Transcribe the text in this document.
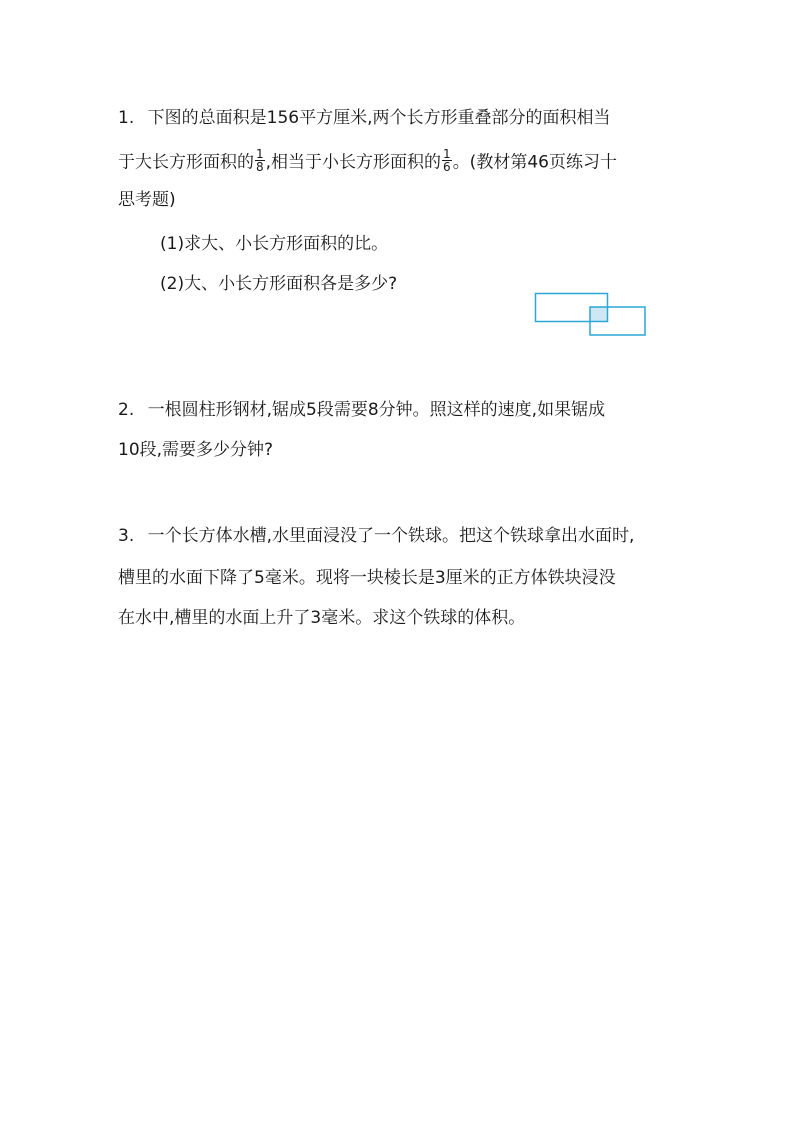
1. 下图的总面积是156平方厘米,两个长方形重叠部分的面积相当
于大长方形面积的 $\frac{1}{8}$ ,相当于小长方形面积的 $\frac{1}{6}$ 。(教材第46页练习十
思考题)
(1)求大、小长方形面积的比。
(2)大、小长方形面积各是多少?
2. 一根圆柱形钢材,锯成5段需要8分钟。照这样的速度,如果锯成
10段,需要多少分钟?
3. 一个长方体水槽,水里面浸没了一个铁球。把这个铁球拿出水面时,
槽里的水面下降了5毫米。现将一块棱长是3厘米的正方体铁块浸没
在水中,槽里的水面上升了3毫米。求这个铁球的体积。
